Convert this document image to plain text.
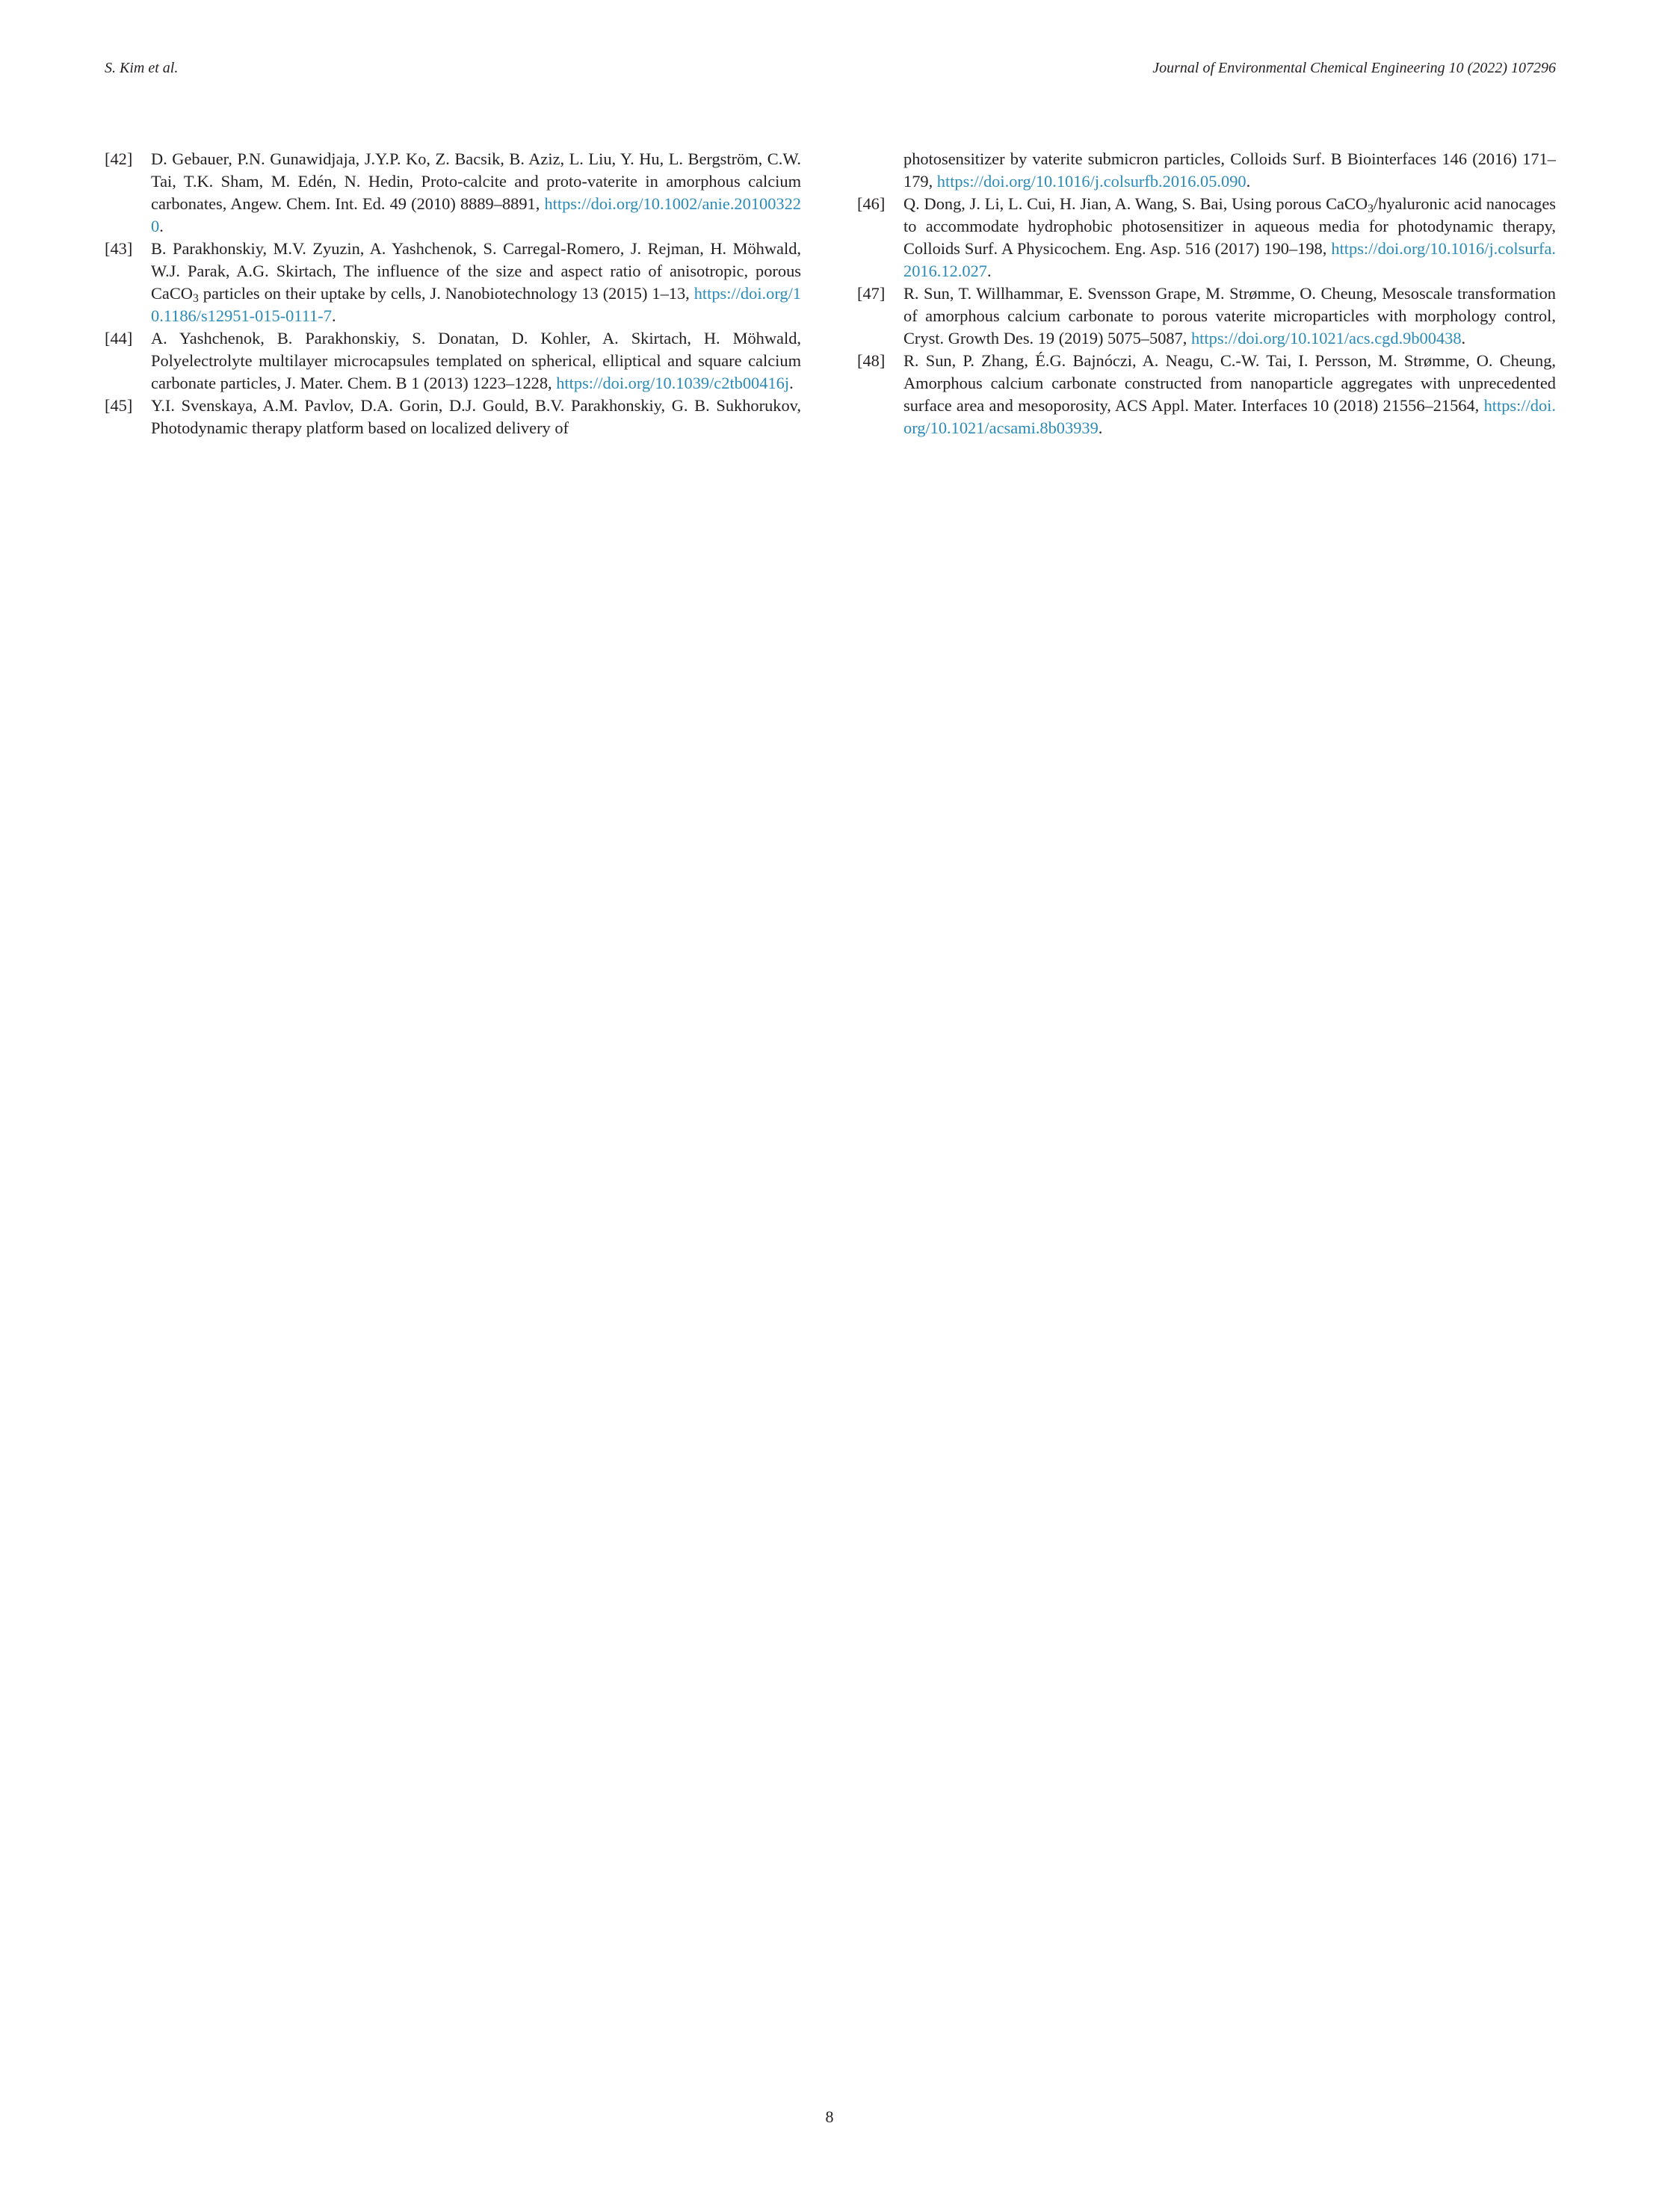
S. Kim et al.	Journal of Environmental Chemical Engineering 10 (2022) 107296
[42] D. Gebauer, P.N. Gunawidjaja, J.Y.P. Ko, Z. Bacsik, B. Aziz, L. Liu, Y. Hu, L. Bergström, C.W. Tai, T.K. Sham, M. Edén, N. Hedin, Proto-calcite and proto-vaterite in amorphous calcium carbonates, Angew. Chem. Int. Ed. 49 (2010) 8889–8891, https://doi.org/10.1002/anie.201003220.
[43] B. Parakhonskiy, M.V. Zyuzin, A. Yashchenok, S. Carregal-Romero, J. Rejman, H. Möhwald, W.J. Parak, A.G. Skirtach, The influence of the size and aspect ratio of anisotropic, porous CaCO$_3$ particles on their uptake by cells, J. Nanobiotechnology 13 (2015) 1–13, https://doi.org/10.1186/s12951-015-0111-7.
[44] A. Yashchenok, B. Parakhonskiy, S. Donatan, D. Kohler, A. Skirtach, H. Möhwald, Polyelectrolyte multilayer microcapsules templated on spherical, elliptical and square calcium carbonate particles, J. Mater. Chem. B 1 (2013) 1223–1228, https://doi.org/10.1039/c2tb00416j.
[45] Y.I. Svenskaya, A.M. Pavlov, D.A. Gorin, D.J. Gould, B.V. Parakhonskiy, G. B. Sukhorukov, Photodynamic therapy platform based on localized delivery of
photosensitizer by vaterite submicron particles, Colloids Surf. B Biointerfaces 146 (2016) 171–179, https://doi.org/10.1016/j.colsurfb.2016.05.090.
[46] Q. Dong, J. Li, L. Cui, H. Jian, A. Wang, S. Bai, Using porous CaCO$_3$/hyaluronic acid nanocages to accommodate hydrophobic photosensitizer in aqueous media for photodynamic therapy, Colloids Surf. A Physicochem. Eng. Asp. 516 (2017) 190–198, https://doi.org/10.1016/j.colsurfa.2016.12.027.
[47] R. Sun, T. Willhammar, E. Svensson Grape, M. Strømme, O. Cheung, Mesoscale transformation of amorphous calcium carbonate to porous vaterite microparticles with morphology control, Cryst. Growth Des. 19 (2019) 5075–5087, https://doi.org/10.1021/acs.cgd.9b00438.
[48] R. Sun, P. Zhang, É.G. Bajnóczi, A. Neagu, C.-W. Tai, I. Persson, M. Strømme, O. Cheung, Amorphous calcium carbonate constructed from nanoparticle aggregates with unprecedented surface area and mesoporosity, ACS Appl. Mater. Interfaces 10 (2018) 21556–21564, https://doi.org/10.1021/acsami.8b03939.
8
